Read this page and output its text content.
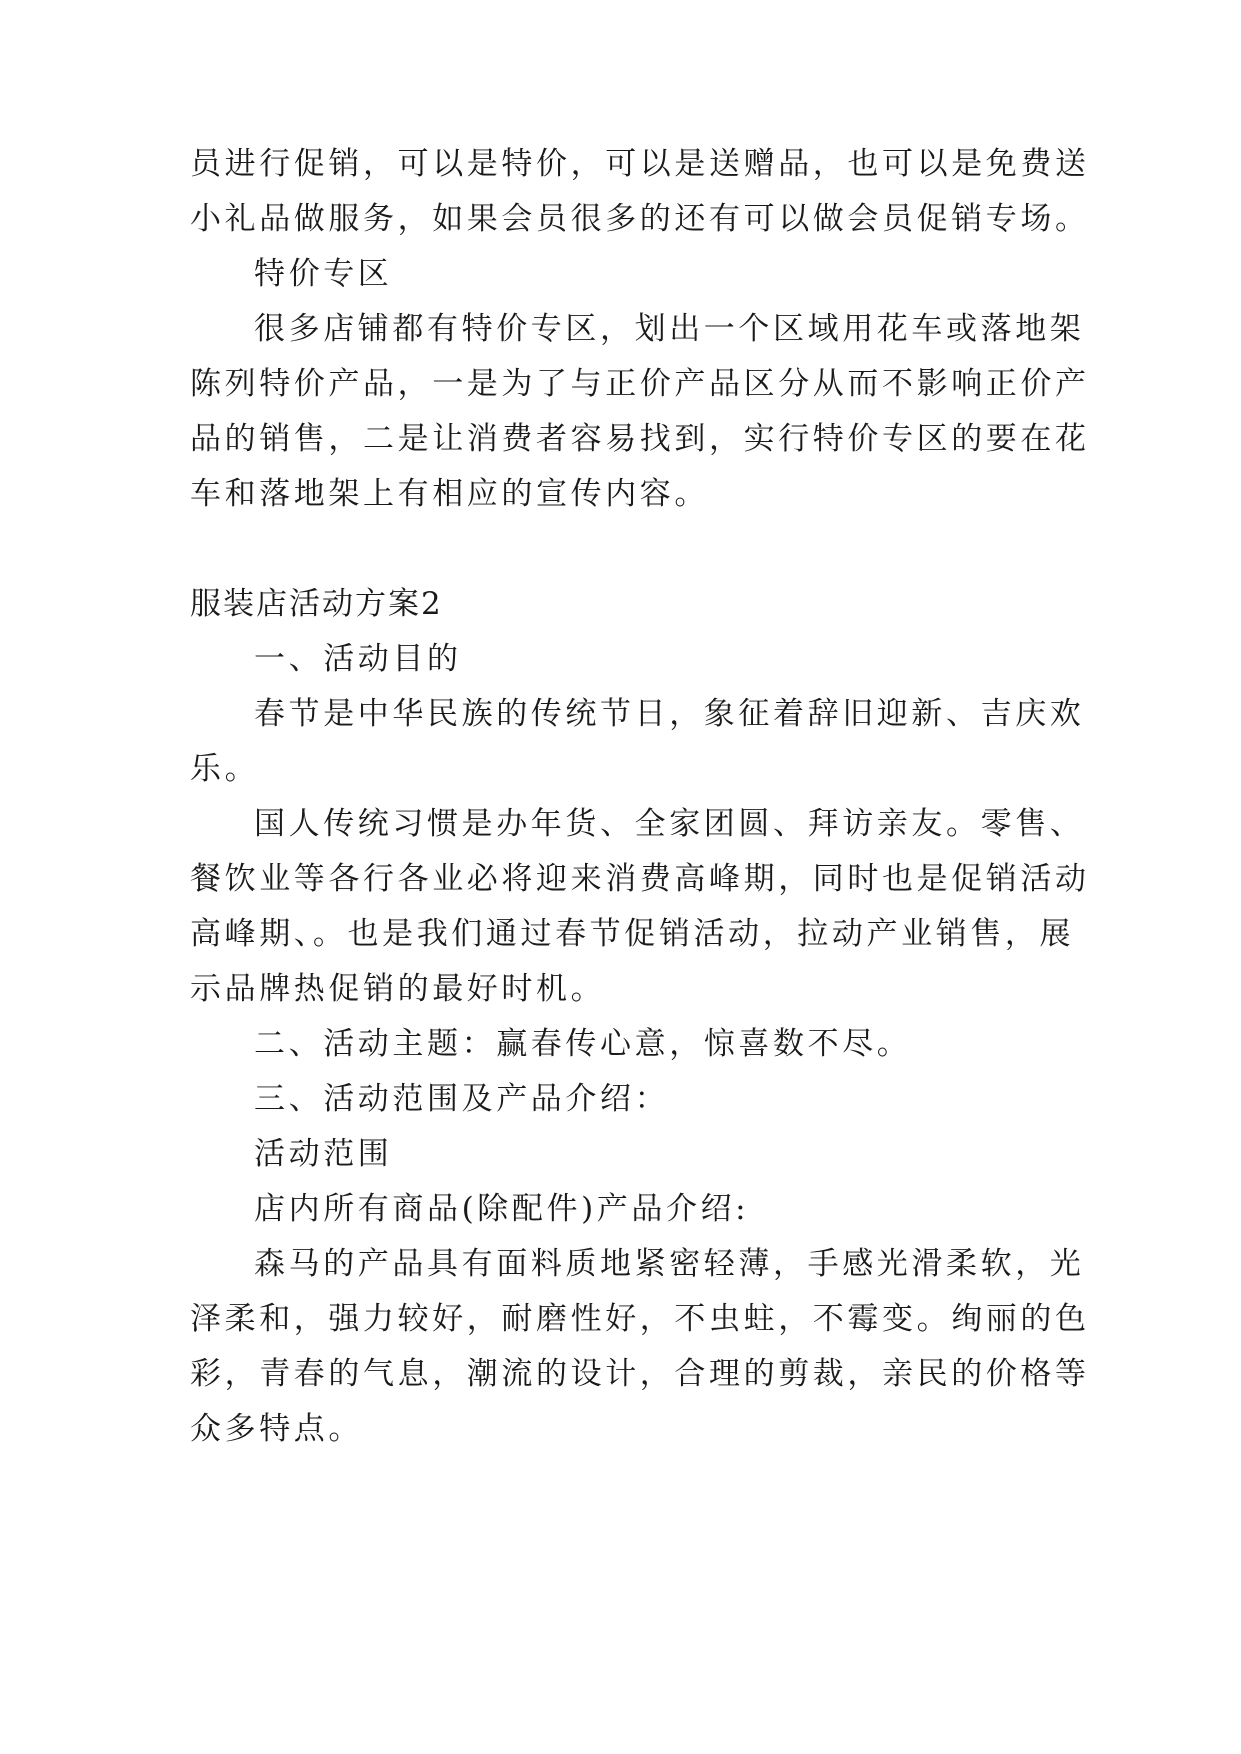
员进行促销，可以是特价，可以是送赠品，也可以是免费送
小礼品做服务，如果会员很多的还有可以做会员促销专场。
特价专区
很多店铺都有特价专区，划出一个区域用花车或落地架
陈列特价产品，一是为了与正价产品区分从而不影响正价产
品的销售，二是让消费者容易找到，实行特价专区的要在花
车和落地架上有相应的宣传内容。
服装店活动方案2
一、活动目的
春节是中华民族的传统节日，象征着辞旧迎新、吉庆欢
乐。
国人传统习惯是办年货、全家团圆、拜访亲友。零售、
餐饮业等各行各业必将迎来消费高峰期，同时也是促销活动
高峰期、。也是我们通过春节促销活动，拉动产业销售，展
示品牌热促销的最好时机。
二、活动主题：赢春传心意，惊喜数不尽。
三、活动范围及产品介绍：
活动范围
店内所有商品(除配件)产品介绍:
森马的产品具有面料质地紧密轻薄，手感光滑柔软，光
泽柔和，强力较好，耐磨性好，不虫蛀，不霉变。绚丽的色
彩，青春的气息，潮流的设计，合理的剪裁，亲民的价格等
众多特点。
